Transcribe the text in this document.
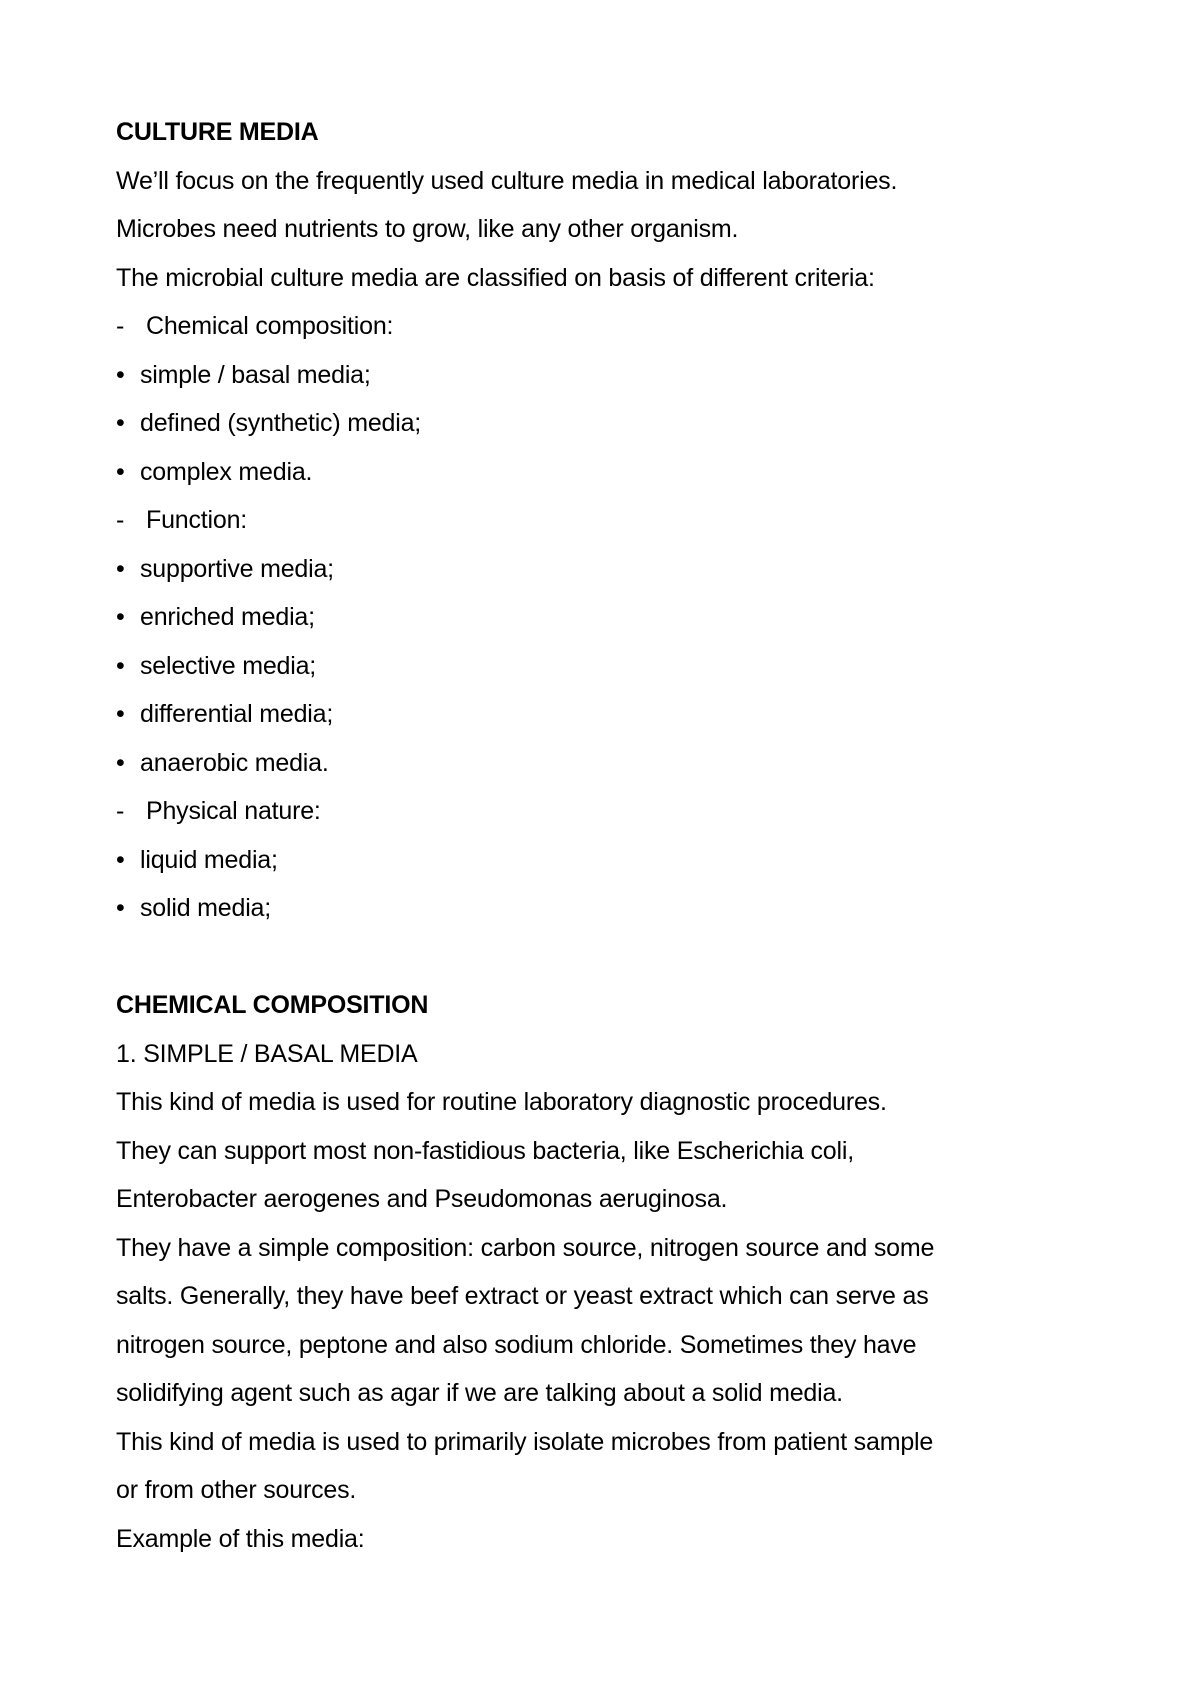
CULTURE MEDIA
We’ll focus on the frequently used culture media in medical laboratories.
Microbes need nutrients to grow, like any other organism.
The microbial culture media are classified on basis of different criteria:
- Chemical composition:
• simple / basal media;
• defined (synthetic) media;
• complex media.
- Function:
• supportive media;
• enriched media;
• selective media;
• differential media;
• anaerobic media.
- Physical nature:
• liquid media;
• solid media;
CHEMICAL COMPOSITION
1. SIMPLE / BASAL MEDIA
This kind of media is used for routine laboratory diagnostic procedures.
They can support most non-fastidious bacteria, like Escherichia coli,
Enterobacter aerogenes and Pseudomonas aeruginosa.
They have a simple composition: carbon source, nitrogen source and some
salts. Generally, they have beef extract or yeast extract which can serve as
nitrogen source, peptone and also sodium chloride. Sometimes they have
solidifying agent such as agar if we are talking about a solid media.
This kind of media is used to primarily isolate microbes from patient sample
or from other sources.
Example of this media:
